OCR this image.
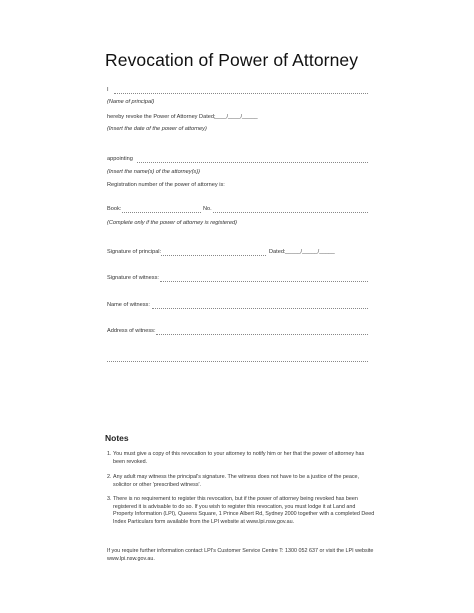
Revocation of Power of Attorney
I
(Name of principal)
hereby revoke the Power of Attorney Dated:
____/____/_____
(Insert the date of the power of attorney)
appointing
(Insert the name(s) of the attorney(s))
Registration number of the power of attorney is:
Book:	No.
(Complete only if the power of attorney is registered)
Signature of principal:	Dated: _____/_____/_____
Signature of witness:
Name of witness:
Address of witness:
Notes
1. You must give a copy of this revocation to your attorney to notify him or her that the power of attorney has
been revoked.
2. Any adult may witness the principal's signature. The witness does not have to be a justice of the peace,
solicitor or other 'prescribed witness'.
3. There is no requirement to register this revocation, but if the power of attorney being revoked has been
registered it is advisable to do so. If you wish to register this revocation, you must lodge it at Land and
Property Information (LPI), Queens Square, 1 Prince Albert Rd, Sydney 2000 together with a completed Deed
Index Particulars form available from the LPI website at www.lpi.nsw.gov.au.
If you require further information contact LPI's Customer Service Centre T: 1300 052 637 or visit the LPI website
www.lpi.nsw.gov.au.
